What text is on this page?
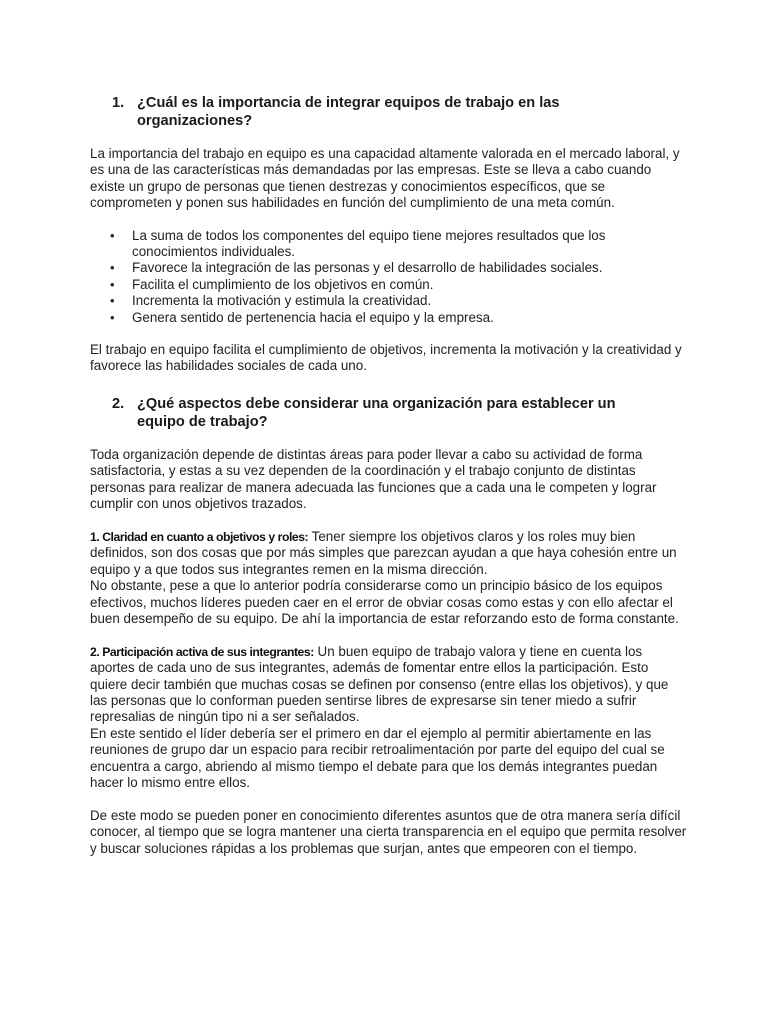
1. ¿Cuál es la importancia de integrar equipos de trabajo en las organizaciones?

La importancia del trabajo en equipo es una capacidad altamente valorada en el mercado laboral, y es una de las características más demandadas por las empresas. Este se lleva a cabo cuando existe un grupo de personas que tienen destrezas y conocimientos específicos, que se comprometen y ponen sus habilidades en función del cumplimiento de una meta común.

•	La suma de todos los componentes del equipo tiene mejores resultados que los conocimientos individuales.
•	Favorece la integración de las personas y el desarrollo de habilidades sociales.
•	Facilita el cumplimiento de los objetivos en común.
•	Incrementa la motivación y estimula la creatividad.
•	Genera sentido de pertenencia hacia el equipo y la empresa.

El trabajo en equipo facilita el cumplimiento de objetivos, incrementa la motivación y la creatividad y favorece las habilidades sociales de cada uno.

2. ¿Qué aspectos debe considerar una organización para establecer un equipo de trabajo?

Toda organización depende de distintas áreas para poder llevar a cabo su actividad de forma satisfactoria, y estas a su vez dependen de la coordinación y el trabajo conjunto de distintas personas para realizar de manera adecuada las funciones que a cada una le competen y lograr cumplir con unos objetivos trazados.

1. Claridad en cuanto a objetivos y roles: Tener siempre los objetivos claros y los roles muy bien definidos, son dos cosas que por más simples que parezcan ayudan a que haya cohesión entre un equipo y a que todos sus integrantes remen en la misma dirección.

No obstante, pese a que lo anterior podría considerarse como un principio básico de los equipos efectivos, muchos líderes pueden caer en el error de obviar cosas como estas y con ello afectar el buen desempeño de su equipo. De ahí la importancia de estar reforzando esto de forma constante.

2. Participación activa de sus integrantes: Un buen equipo de trabajo valora y tiene en cuenta los aportes de cada uno de sus integrantes, además de fomentar entre ellos la participación. Esto quiere decir también que muchas cosas se definen por consenso (entre ellas los objetivos), y que las personas que lo conforman pueden sentirse libres de expresarse sin tener miedo a sufrir represalias de ningún tipo ni a ser señalados.

En este sentido el líder debería ser el primero en dar el ejemplo al permitir abiertamente en las reuniones de grupo dar un espacio para recibir retroalimentación por parte del equipo del cual se encuentra a cargo, abriendo al mismo tiempo el debate para que los demás integrantes puedan hacer lo mismo entre ellos.

De este modo se pueden poner en conocimiento diferentes asuntos que de otra manera sería difícil conocer, al tiempo que se logra mantener una cierta transparencia en el equipo que permita resolver y buscar soluciones rápidas a los problemas que surjan, antes que empeoren con el tiempo.
